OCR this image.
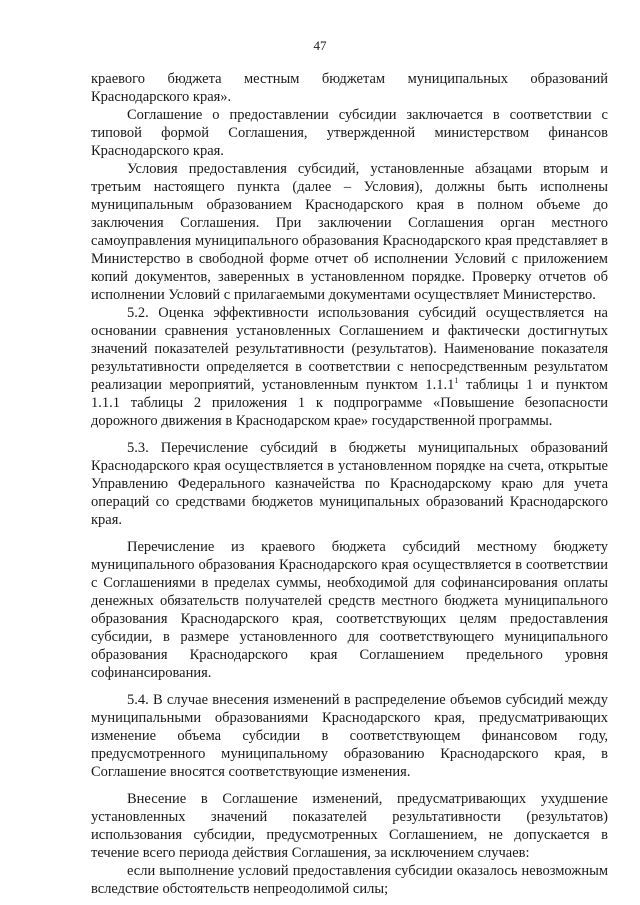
47

краевого бюджета местным бюджетам муниципальных образований Краснодарского края».

Соглашение о предоставлении субсидии заключается в соответствии с типовой формой Соглашения, утвержденной министерством финансов Краснодарского края.

Условия предоставления субсидий, установленные абзацами вторым и третьим настоящего пункта (далее – Условия), должны быть исполнены муниципальным образованием Краснодарского края в полном объеме до заключения Соглашения. При заключении Соглашения орган местного самоуправления муниципального образования Краснодарского края представляет в Министерство в свободной форме отчет об исполнении Условий с приложением копий документов, заверенных в установленном порядке. Проверку отчетов об исполнении Условий с прилагаемыми документами осуществляет Министерство.

5.2. Оценка эффективности использования субсидий осуществляется на основании сравнения установленных Соглашением и фактически достигнутых значений показателей результативности (результатов). Наименование показателя результативности определяется в соответствии с непосредственным результатом реализации мероприятий, установленным пунктом 1.1.1$^1$ таблицы 1 и пунктом 1.1.1 таблицы 2 приложения 1 к подпрограмме «Повышение безопасности дорожного движения в Краснодарском крае» государственной программы.

5.3. Перечисление субсидий в бюджеты муниципальных образований Краснодарского края осуществляется в установленном порядке на счета, открытые Управлению Федерального казначейства по Краснодарскому краю для учета операций со средствами бюджетов муниципальных образований Краснодарского края.

Перечисление из краевого бюджета субсидий местному бюджету муниципального образования Краснодарского края осуществляется в соответствии с Соглашениями в пределах суммы, необходимой для софинансирования оплаты денежных обязательств получателей средств местного бюджета муниципального образования Краснодарского края, соответствующих целям предоставления субсидии, в размере установленного для соответствующего муниципального образования Краснодарского края Соглашением предельного уровня софинансирования.

5.4. В случае внесения изменений в распределение объемов субсидий между муниципальными образованиями Краснодарского края, предусматривающих изменение объема субсидии в соответствующем финансовом году, предусмотренного муниципальному образованию Краснодарского края, в Соглашение вносятся соответствующие изменения.

Внесение в Соглашение изменений, предусматривающих ухудшение установленных значений показателей результативности (результатов) использования субсидии, предусмотренных Соглашением, не допускается в течение всего периода действия Соглашения, за исключением случаев:

если выполнение условий предоставления субсидии оказалось невозможным вследствие обстоятельств непреодолимой силы;
